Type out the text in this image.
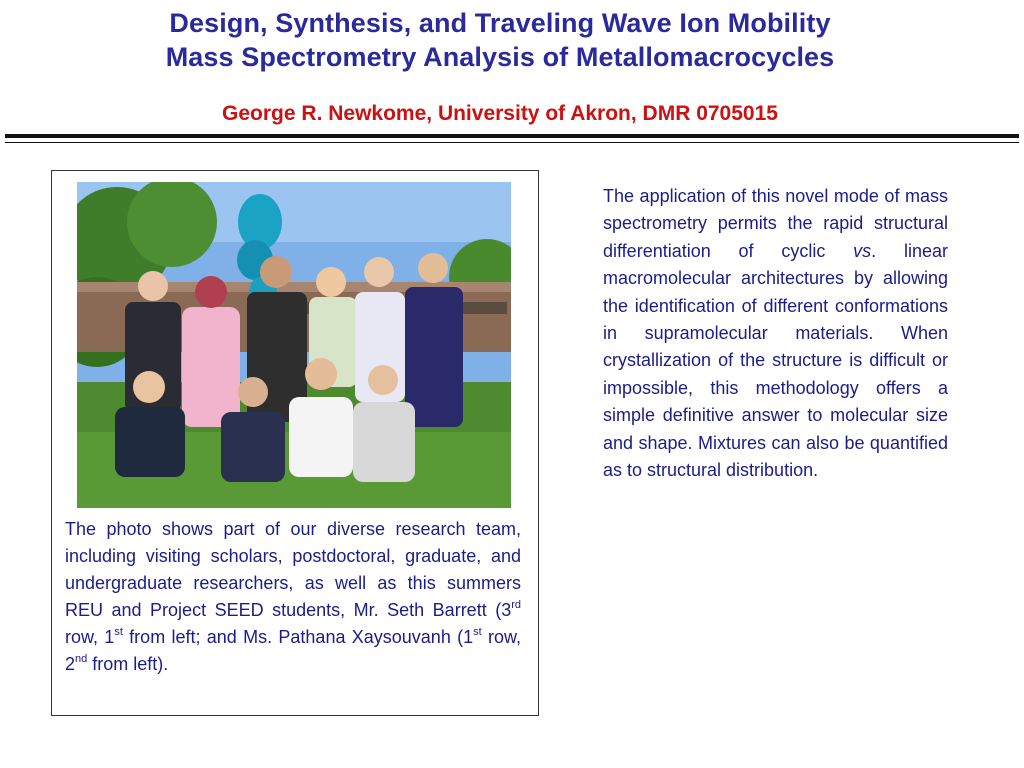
Design, Synthesis, and Traveling Wave Ion Mobility
Mass Spectrometry Analysis of Metallomacrocycles
George R. Newkome, University of Akron, DMR 0705015

The photo shows part of our diverse research team, including visiting scholars, postdoctoral, graduate, and undergraduate researchers, as well as this summers REU and Project SEED students, Mr. Seth Barrett (3rd row, 1st from left; and Ms. Pathana Xaysouvanh (1st row, 2nd from left).

The application of this novel mode of mass spectrometry permits the rapid structural differentiation of cyclic vs. linear macromolecular architectures by allowing the identification of different conformations in supramolecular materials. When crystallization of the structure is difficult or impossible, this methodology offers a simple definitive answer to molecular size and shape. Mixtures can also be quantified as to structural distribution.
